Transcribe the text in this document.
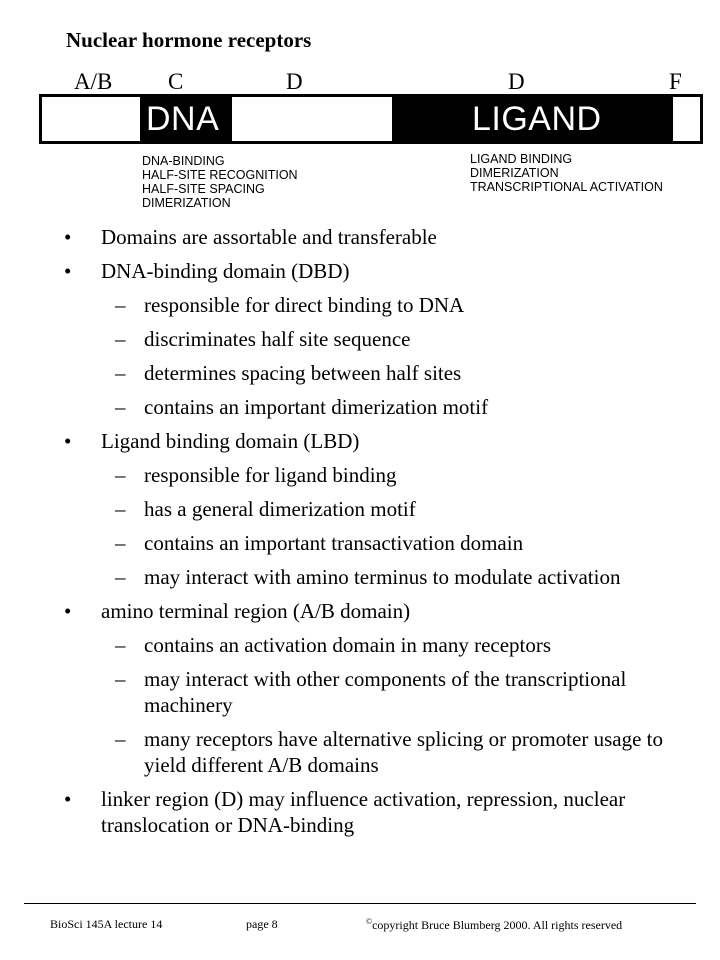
Nuclear hormone receptors
A/B C	D	D	F
DNA	LIGAND
DNA-BINDING
HALF-SITE RECOGNITION
HALF-SITE SPACING
DIMERIZATION
LIGAND BINDING
DIMERIZATION
TRANSCRIPTIONAL ACTIVATION
• Domains are assortable and transferable
• DNA-binding domain (DBD)
– responsible for direct binding to DNA
– discriminates half site sequence
– determines spacing between half sites
– contains an important dimerization motif
• Ligand binding domain (LBD)
– responsible for ligand binding
– has a general dimerization motif
– contains an important transactivation domain
– may interact with amino terminus to modulate activation
• amino terminal region (A/B domain)
– contains an activation domain in many receptors
– may interact with other components of the transcriptional machinery
– many receptors have alternative splicing or promoter usage to yield different A/B domains
• linker region (D) may influence activation, repression, nuclear translocation or DNA-binding
BioSci 145A lecture 14	page 8	©copyright Bruce Blumberg 2000. All rights reserved
